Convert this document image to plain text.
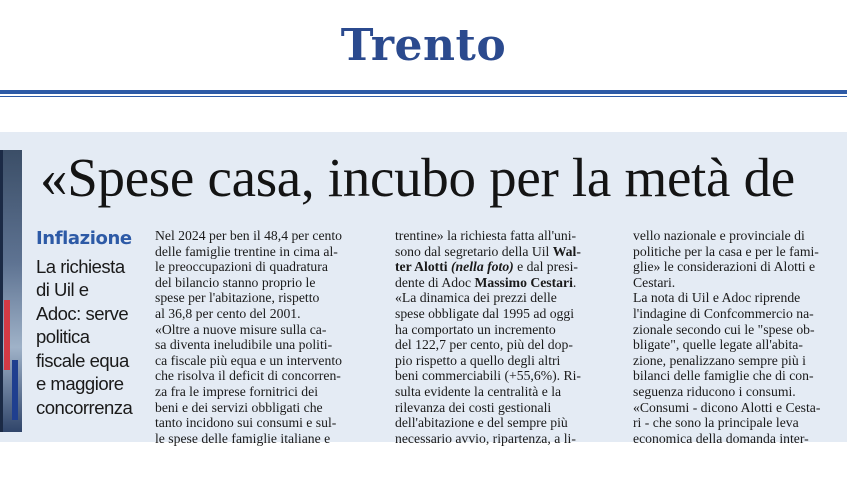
Trento
«Spese casa, incubo per la metà de
Inflazione
La richiesta
di Uil e
Adoc: serve
politica
fiscale equa
e maggiore
concorrenza
Nel 2024 per ben il 48,4 per cento
delle famiglie trentine in cima al-
le preoccupazioni di quadratura
del bilancio stanno proprio le
spese per l'abitazione, rispetto
al 36,8 per cento del 2001.
«Oltre a nuove misure sulla ca-
sa diventa ineludibile una politi-
ca fiscale più equa e un intervento
che risolva il deficit di concorren-
za fra le imprese fornitrici dei
beni e dei servizi obbligati che
tanto incidono sui consumi e sul-
le spese delle famiglie italiane e
trentine» la richiesta fatta all'uni-
sono dal segretario della Uil Wal-
ter Alotti (nella foto) e dal presi-
dente di Adoc Massimo Cestari.
«La dinamica dei prezzi delle
spese obbligate dal 1995 ad oggi
ha comportato un incremento
del 122,7 per cento, più del dop-
pio rispetto a quello degli altri
beni commerciabili (+55,6%). Ri-
sulta evidente la centralità e la
rilevanza dei costi gestionali
dell'abitazione e del sempre più
necessario avvio, ripartenza, a li-
vello nazionale e provinciale di
politiche per la casa e per le fami-
glie» le considerazioni di Alotti e
Cestari.
La nota di Uil e Adoc riprende
l'indagine di Confcommercio na-
zionale secondo cui le "spese ob-
bligate", quelle legate all'abita-
zione, penalizzano sempre più i
bilanci delle famiglie che di con-
seguenza riducono i consumi.
«Consumi - dicono Alotti e Cesta-
ri - che sono la principale leva
economica della domanda inter-
